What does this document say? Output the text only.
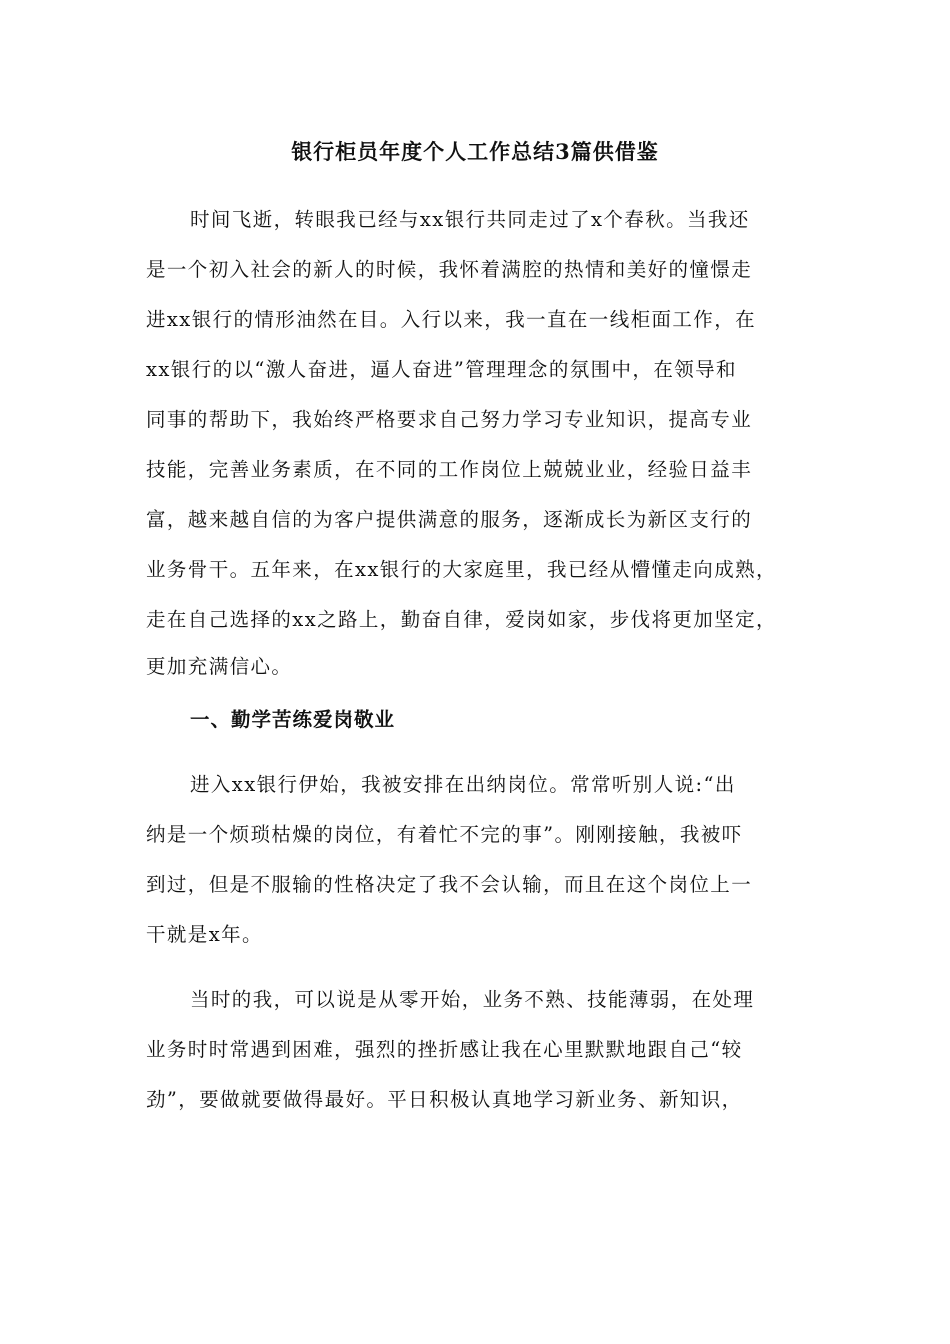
银行柜员年度个人工作总结3篇供借鉴

时间飞逝，转眼我已经与xx银行共同走过了x个春秋。当我还

是一个初入社会的新人的时候，我怀着满腔的热情和美好的憧憬走

进xx银行的情形油然在目。入行以来，我一直在一线柜面工作，在

xx银行的以“激人奋进，逼人奋进”管理理念的氛围中，在领导和

同事的帮助下，我始终严格要求自己努力学习专业知识，提高专业

技能，完善业务素质，在不同的工作岗位上兢兢业业，经验日益丰

富，越来越自信的为客户提供满意的服务，逐渐成长为新区支行的

业务骨干。五年来，在xx银行的大家庭里，我已经从懵懂走向成熟，

走在自己选择的xx之路上，勤奋自律，爱岗如家，步伐将更加坚定，

更加充满信心。

一、勤学苦练爱岗敬业

进入xx银行伊始，我被安排在出纳岗位。常常听别人说:“出

纳是一个烦琐枯燥的岗位，有着忙不完的事”。刚刚接触，我被吓

到过，但是不服输的性格决定了我不会认输，而且在这个岗位上一

干就是x年。

当时的我，可以说是从零开始，业务不熟、技能薄弱，在处理

业务时时常遇到困难，强烈的挫折感让我在心里默默地跟自己“较

劲”，要做就要做得最好。平日积极认真地学习新业务、新知识，
